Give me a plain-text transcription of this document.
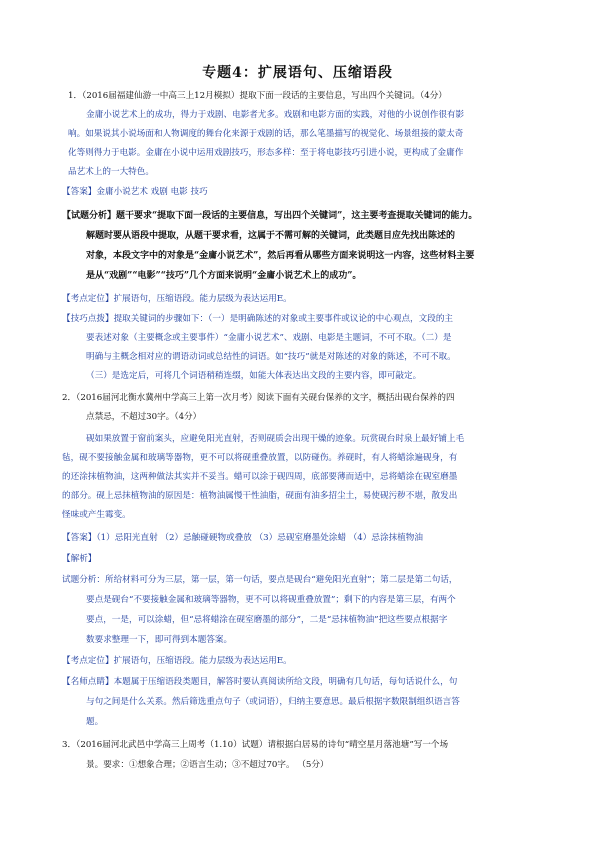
专题4：扩展语句、压缩语段
1．（2016届福建仙游一中高三上12月模拟）提取下面一段话的主要信息，写出四个关键词。（4分）
金庸小说艺术上的成功，得力于戏剧、电影者尤多。戏剧和电影方面的实践，对他的小说创作很有影
响。如果说其小说场面和人物调度的舞台化来源于戏剧的话，那么笔墨描写的视觉化、场景组接的蒙太奇
化等则得力于电影。金庸在小说中运用戏剧技巧，形态多样：至于将电影技巧引进小说，更构成了金庸作
品艺术上的一大特色。
【答案】金庸小说艺术 戏剧 电影 技巧
【试题分析】题干要求“提取下面一段话的主要信息，写出四个关键词”，这主要考查提取关键词的能力。
解题时要从语段中提取，从题干要求看，这属于不需可解的关键词，此类题目应先找出陈述的
对象，本段文字中的对象是“金庸小说艺术”，然后再看从哪些方面来说明这一内容，这些材料主要
是从“戏剧”“电影”“技巧”几个方面来说明“金庸小说艺术上的成功”。
【考点定位】扩展语句，压缩语段。能力层级为表达运用E。
【技巧点拨】提取关键词的步骤如下：（一）是明确陈述的对象或主要事件或议论的中心观点，文段的主
要表述对象（主要概念或主要事件）“金庸小说艺术”、戏剧、电影是主题词，不可不取。（二）是
明确与主概念相对应的谓语动词或总结性的词语。如“技巧”就是对陈述的对象的陈述，不可不取。
（三）是选定后，可将几个词语稍稍连缀，如能大体表达出文段的主要内容，即可敲定。
2．（2016届河北衡水冀州中学高三上第一次月考）阅读下面有关砚台保养的文字，概括出砚台保养的四
点禁忌，不超过30字。（4分）
砚如果放置于窗前案头，应避免阳光直射，否则砚质会出现干燥的迹象。玩赏砚台时泉上最好铺上毛
毡，砚不要接触金属和玻璃等器物，更不可以将砚重叠放置，以防碰伤。养砚时，有人将蜡涂遍砚身，有
的还涂抹植物油，这两种做法其实并不妥当。蜡可以涂于砚四周，底部要薄而适中，忌将蜡涂在砚室磨墨
的部分。砚上忌抹植物油的原因是：植物油属慢干性油脂，砚面有油多招尘土，易使砚污秽不堪，散发出
怪味或产生霉变。
【答案】（1）忌阳光直射 （2）忌触碰硬物或叠放 （3）忌砚室磨墨处涂蜡 （4）忌涂抹植物油
【解析】
试题分析：所给材料可分为三层，第一层，第一句话，要点是砚台“避免阳光直射”；第二层是第二句话，
要点是砚台“不要接触金属和玻璃等器物，更不可以将砚重叠放置”；剩下的内容是第三层，有两个
要点，一是，可以涂蜡，但“忌将蜡涂在砚室磨墨的部分”，二是“忌抹植物油”把这些要点根据字
数要求整理一下，即可得到本题答案。
【考点定位】扩展语句，压缩语段。能力层级为表达运用E。
【名师点睛】本题属于压缩语段类题目，解答时要认真阅读所给文段，明确有几句话，每句话说什么，句
与句之间是什么关系。然后筛选重点句子（或词语），归纳主要意思。最后根据字数限制组织语言答
题。
3．（2016届河北武邑中学高三上周考（1.10）试题）请根据白居易的诗句“晴空星月落池塘”写一个场
景。要求：①想象合理；②语言生动；③不超过70字。 （5分）
